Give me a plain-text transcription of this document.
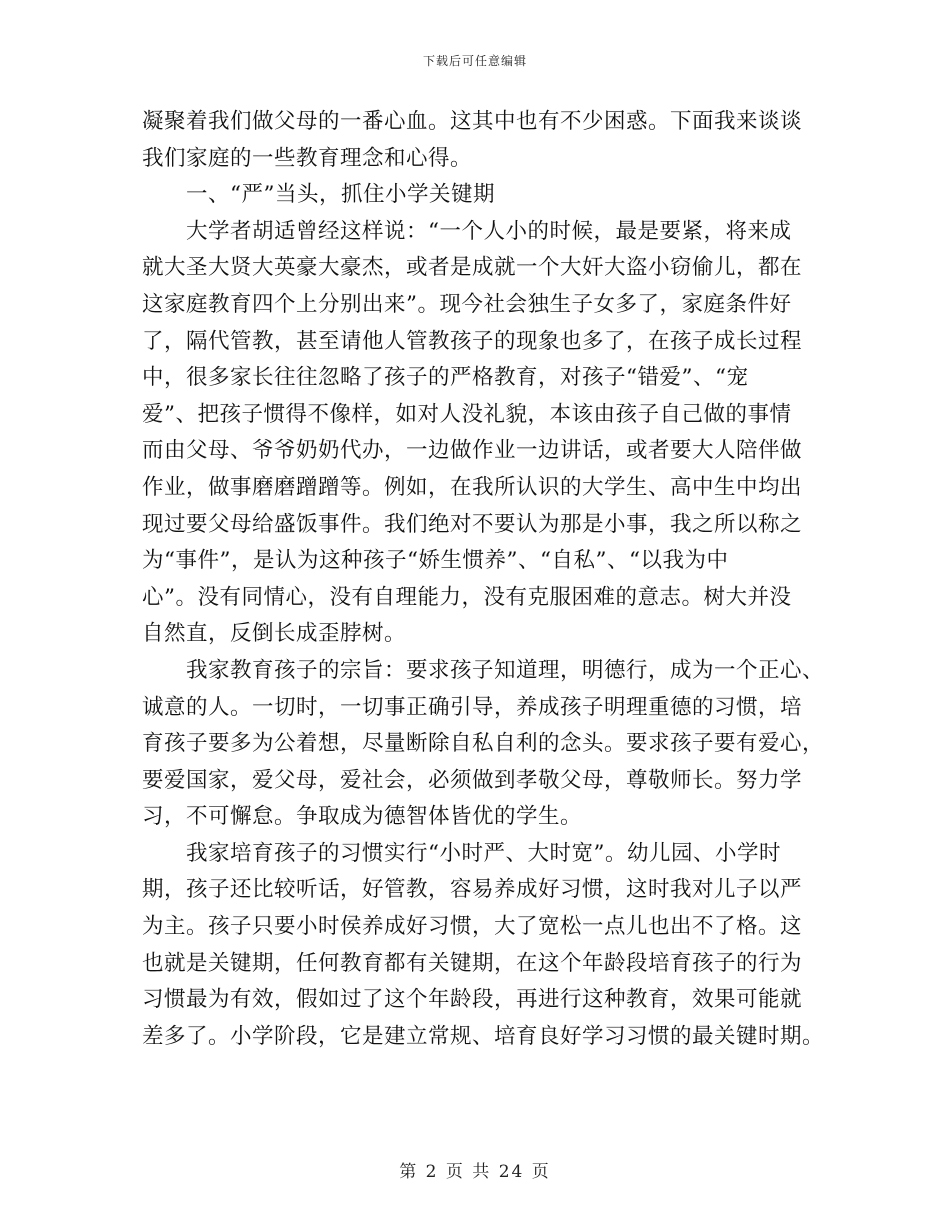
下载后可任意编辑
凝聚着我们做父母的一番心血。这其中也有不少困惑。下面我来谈谈
我们家庭的一些教育理念和心得。
　　一、“严”当头，抓住小学关键期
　　大学者胡适曾经这样说：“一个人小的时候，最是要紧，将来成
就大圣大贤大英豪大豪杰，或者是成就一个大奸大盗小窃偷儿，都在
这家庭教育四个上分别出来”。现今社会独生子女多了，家庭条件好
了，隔代管教，甚至请他人管教孩子的现象也多了，在孩子成长过程
中，很多家长往往忽略了孩子的严格教育，对孩子“错爱”、“宠
爱”、把孩子惯得不像样，如对人没礼貌，本该由孩子自己做的事情
而由父母、爷爷奶奶代办，一边做作业一边讲话，或者要大人陪伴做
作业，做事磨磨蹭蹭等。例如，在我所认识的大学生、高中生中均出
现过要父母给盛饭事件。我们绝对不要认为那是小事，我之所以称之
为“事件”，是认为这种孩子“娇生惯养”、“自私”、“以我为中
心”。没有同情心，没有自理能力，没有克服困难的意志。树大并没
自然直，反倒长成歪脖树。
　　我家教育孩子的宗旨：要求孩子知道理，明德行，成为一个正心、
诚意的人。一切时，一切事正确引导，养成孩子明理重德的习惯，培
育孩子要多为公着想，尽量断除自私自利的念头。要求孩子要有爱心，
要爱国家，爱父母，爱社会，必须做到孝敬父母，尊敬师长。努力学
习，不可懈怠。争取成为德智体皆优的学生。
　　我家培育孩子的习惯实行“小时严、大时宽”。幼儿园、小学时
期，孩子还比较听话，好管教，容易养成好习惯，这时我对儿子以严
为主。孩子只要小时侯养成好习惯，大了宽松一点儿也出不了格。这
也就是关键期，任何教育都有关键期，在这个年龄段培育孩子的行为
习惯最为有效，假如过了这个年龄段，再进行这种教育，效果可能就
差多了。小学阶段，它是建立常规、培育良好学习习惯的最关键时期。
第 2 页 共 24 页
